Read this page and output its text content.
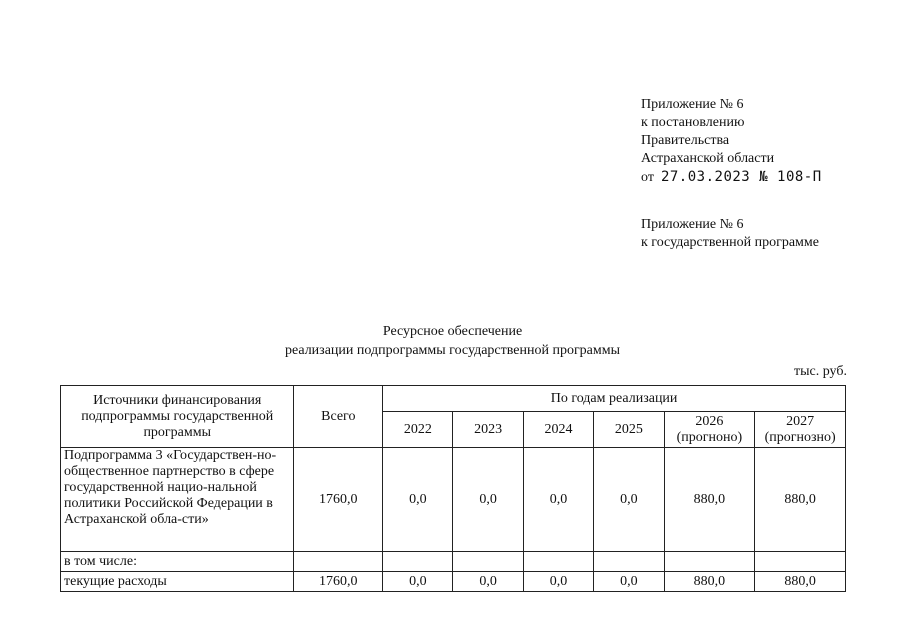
Приложение № 6
к постановлению
Правительства
Астраханской области
от 27.03.2023 № 108-П
Приложение № 6
к государственной программе
Ресурсное обеспечение
реализации подпрограммы государственной программы
тыс. руб.
Источники финансирования подпрограммы государственной программы	Всего	По годам реализации					
		2022	2023	2024	2025	2026 (прогноно)	2027 (прогнозно)
Подпрограмма 3 «Государствен-но-общественное партнерство в сфере государственной нацио-нальной политики Российской Федерации в Астраханской обла-сти»	1760,0	0,0	0,0	0,0	0,0	880,0	880,0
в том числе:							
текущие расходы	1760,0	0,0	0,0	0,0	0,0	880,0	880,0
